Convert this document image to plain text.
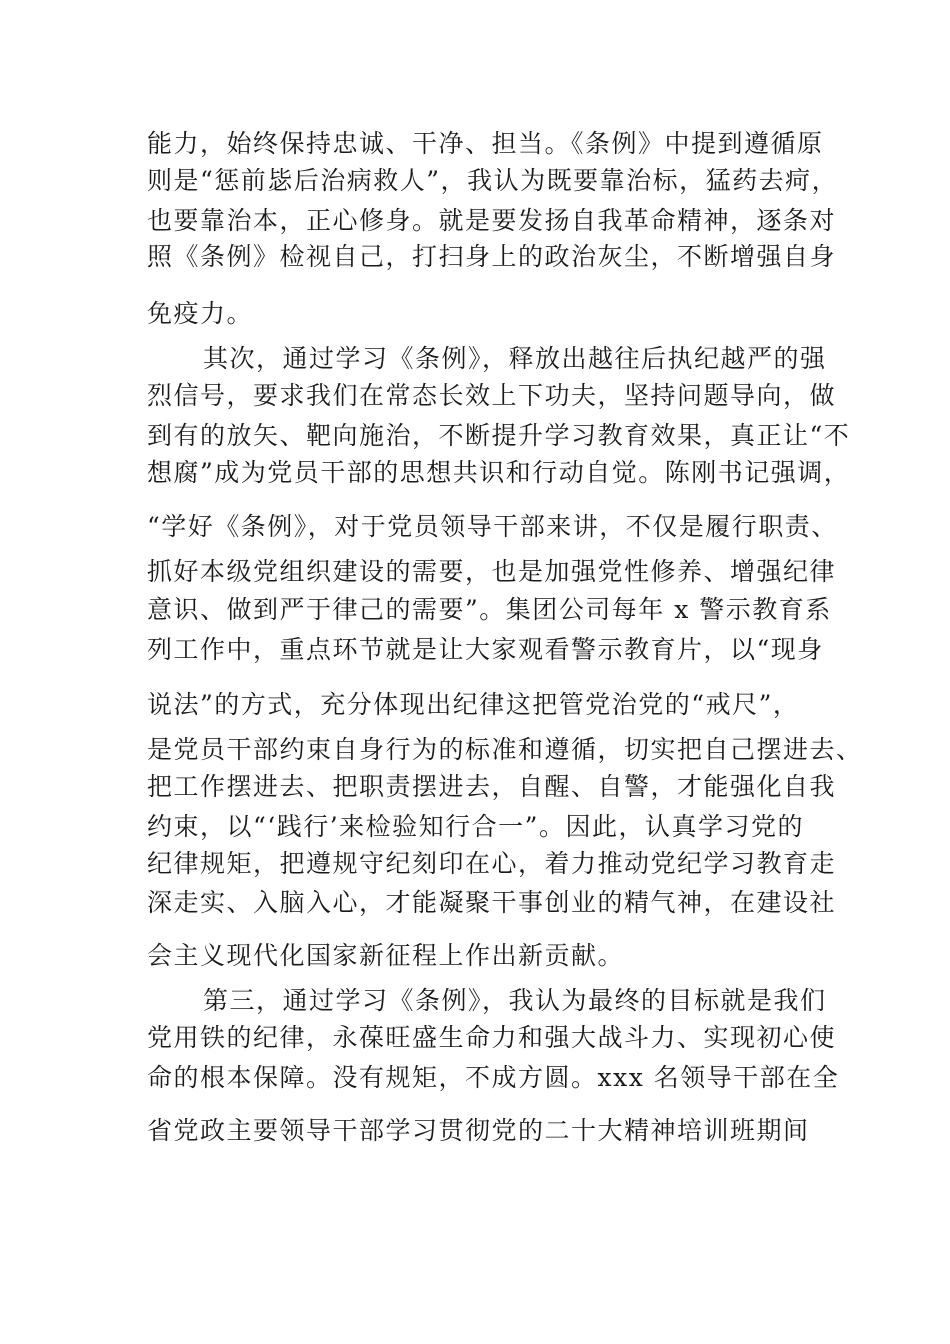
能力，始终保持忠诚、干净、担当。《条例》中提到遵循原
则是“惩前毖后治病救人”，我认为既要靠治标，猛药去疴，
也要靠治本，正心修身。就是要发扬自我革命精神，逐条对
照《条例》检视自己，打扫身上的政治灰尘，不断增强自身
免疫力。
其次，通过学习《条例》，释放出越往后执纪越严的强
烈信号，要求我们在常态长效上下功夫，坚持问题导向，做
到有的放矢、靶向施治，不断提升学习教育效果，真正让“不
想腐”成为党员干部的思想共识和行动自觉。陈刚书记强调，
“学好《条例》，对于党员领导干部来讲，不仅是履行职责、
抓好本级党组织建设的需要，也是加强党性修养、增强纪律
意识、做到严于律己的需要”。集团公司每年 x 警示教育系
列工作中，重点环节就是让大家观看警示教育片，以“现身
说法”的方式，充分体现出纪律这把管党治党的“戒尺”，
是党员干部约束自身行为的标准和遵循，切实把自己摆进去、
把工作摆进去、把职责摆进去，自醒、自警，才能强化自我
约束，以“‘践行’来检验知行合一”。因此，认真学习党的
纪律规矩，把遵规守纪刻印在心，着力推动党纪学习教育走
深走实、入脑入心，才能凝聚干事创业的精气神，在建设社
会主义现代化国家新征程上作出新贡献。
第三，通过学习《条例》，我认为最终的目标就是我们
党用铁的纪律，永葆旺盛生命力和强大战斗力、实现初心使
命的根本保障。没有规矩，不成方圆。xxx 名领导干部在全
省党政主要领导干部学习贯彻党的二十大精神培训班期间
